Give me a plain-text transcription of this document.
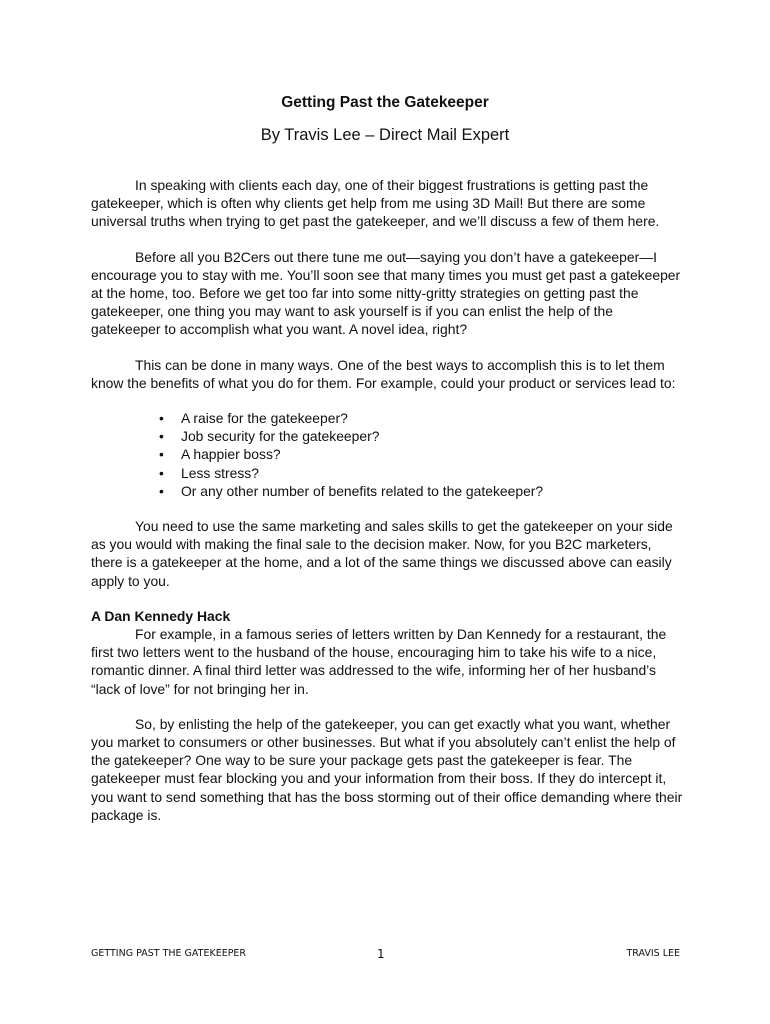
Getting Past the Gatekeeper
By Travis Lee – Direct Mail Expert

In speaking with clients each day, one of their biggest frustrations is getting past the gatekeeper, which is often why clients get help from me using 3D Mail! But there are some universal truths when trying to get past the gatekeeper, and we’ll discuss a few of them here.

Before all you B2Cers out there tune me out—saying you don’t have a gatekeeper—I encourage you to stay with me. You’ll soon see that many times you must get past a gatekeeper at the home, too. Before we get too far into some nitty-gritty strategies on getting past the gatekeeper, one thing you may want to ask yourself is if you can enlist the help of the gatekeeper to accomplish what you want. A novel idea, right?

This can be done in many ways. One of the best ways to accomplish this is to let them know the benefits of what you do for them. For example, could your product or services lead to:

• A raise for the gatekeeper?
• Job security for the gatekeeper?
• A happier boss?
• Less stress?
• Or any other number of benefits related to the gatekeeper?

You need to use the same marketing and sales skills to get the gatekeeper on your side as you would with making the final sale to the decision maker. Now, for you B2C marketers, there is a gatekeeper at the home, and a lot of the same things we discussed above can easily apply to you.

A Dan Kennedy Hack

For example, in a famous series of letters written by Dan Kennedy for a restaurant, the first two letters went to the husband of the house, encouraging him to take his wife to a nice, romantic dinner. A final third letter was addressed to the wife, informing her of her husband’s “lack of love” for not bringing her in.

So, by enlisting the help of the gatekeeper, you can get exactly what you want, whether you market to consumers or other businesses. But what if you absolutely can’t enlist the help of the gatekeeper? One way to be sure your package gets past the gatekeeper is fear. The gatekeeper must fear blocking you and your information from their boss. If they do intercept it, you want to send something that has the boss storming out of their office demanding where their package is.

GETTING PAST THE GATEKEEPER	1	TRAVIS LEE
